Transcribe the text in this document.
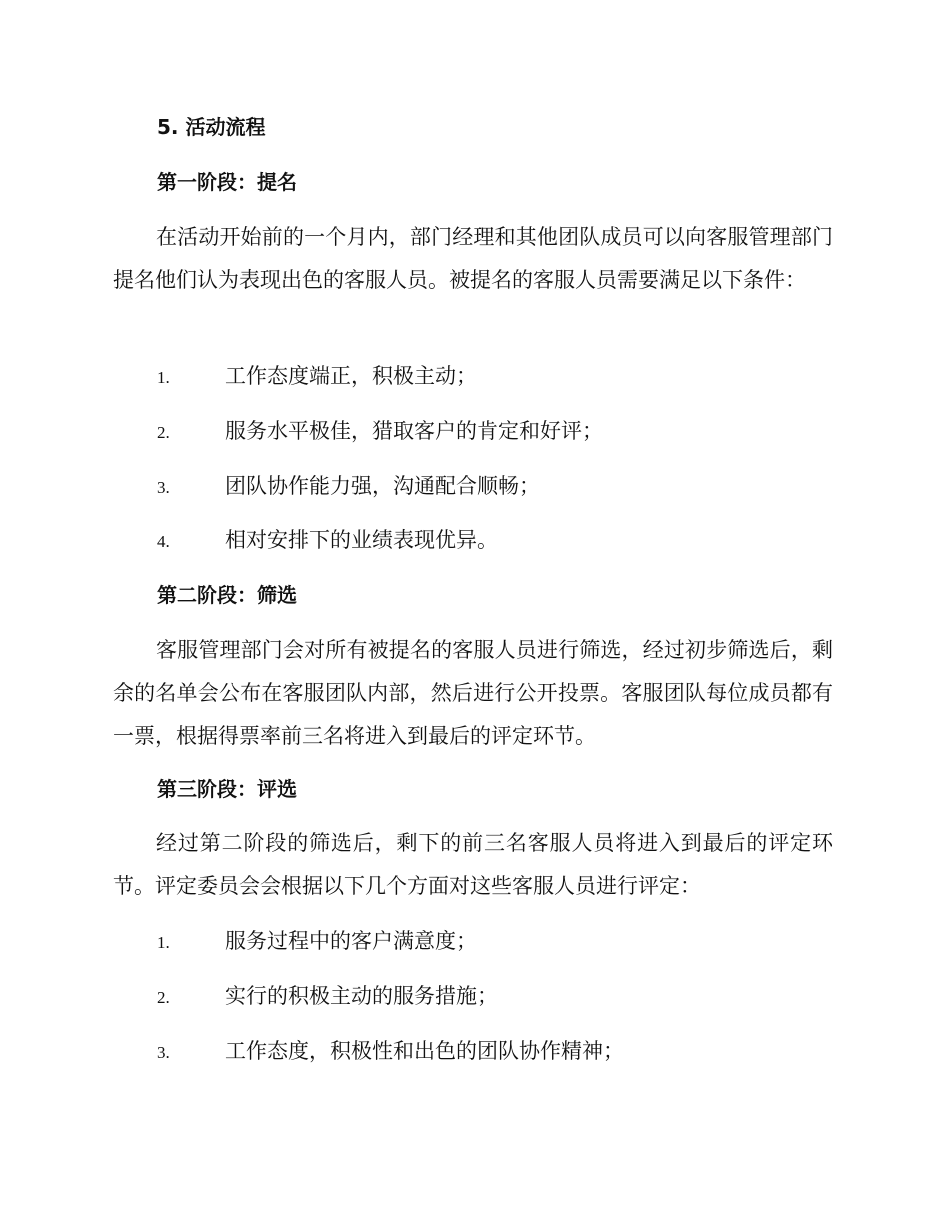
5. 活动流程
第一阶段：提名
在活动开始前的一个月内，部门经理和其他团队成员可以向客服管理部门提名他们认为表现出色的客服人员。被提名的客服人员需要满足以下条件：
1.	工作态度端正，积极主动；
2.	服务水平极佳，猎取客户的肯定和好评；
3.	团队协作能力强，沟通配合顺畅；
4.	相对安排下的业绩表现优异。
第二阶段：筛选
客服管理部门会对所有被提名的客服人员进行筛选，经过初步筛选后，剩余的名单会公布在客服团队内部，然后进行公开投票。客服团队每位成员都有一票，根据得票率前三名将进入到最后的评定环节。
第三阶段：评选
经过第二阶段的筛选后，剩下的前三名客服人员将进入到最后的评定环节。评定委员会会根据以下几个方面对这些客服人员进行评定：
1.	服务过程中的客户满意度；
2.	实行的积极主动的服务措施；
3.	工作态度，积极性和出色的团队协作精神；
